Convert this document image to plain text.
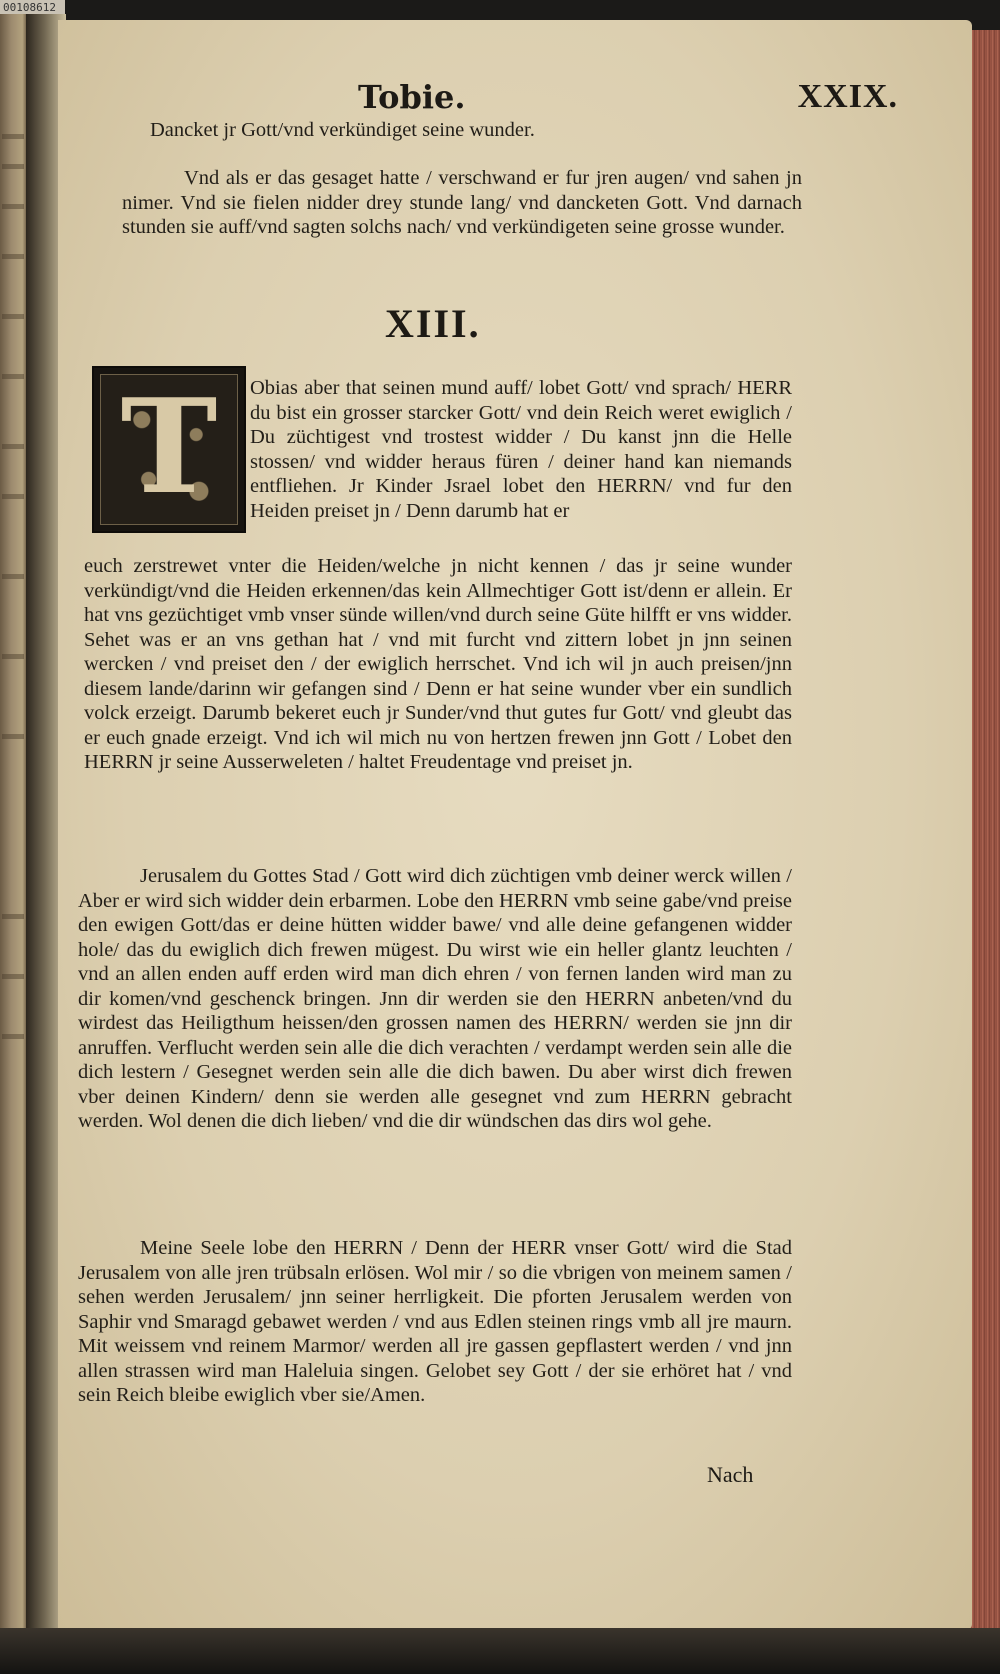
00108612
Tobie.	XXIX.
Dancket jr Gott/vnd verkündiget seine wunder.

Vnd als er das gesaget hatte / verschwand er fur jren augen/ vnd sahen jn nimer. Vnd sie fielen nidder drey stunde lang/ vnd dancketen Gott. Vnd darnach stunden sie auff/vnd sagten solchs nach/ vnd verkündigeten seine grosse wunder.

XIII.
T	Obias aber that seinen mund auff/ lobet Gott/ vnd sprach/ HERR du bist ein grosser starcker Gott/ vnd dein Reich weret ewiglich / Du züchtigest vnd trostest widder / Du kanst jnn die Helle stossen/ vnd widder heraus füren / deiner hand kan niemands entfliehen. Jr Kinder Jsrael lobet den HERRN/ vnd fur den Heiden preiset jn / Denn darumb hat er

euch zerstrewet vnter die Heiden/welche jn nicht kennen / das jr seine wunder verkündigt/vnd die Heiden erkennen/das kein Allmechtiger Gott ist/denn er allein. Er hat vns gezüchtiget vmb vnser sünde willen/vnd durch seine Güte hilfft er vns widder. Sehet was er an vns gethan hat / vnd mit furcht vnd zittern lobet jn jnn seinen wercken / vnd preiset den / der ewiglich herrschet. Vnd ich wil jn auch preisen/jnn diesem lande/darinn wir gefangen sind / Denn er hat seine wunder vber ein sundlich volck erzeigt. Darumb bekeret euch jr Sunder/vnd thut gutes fur Gott/ vnd gleubt das er euch gnade erzeigt. Vnd ich wil mich nu von hertzen frewen jnn Gott / Lobet den HERRN jr seine Ausserweleten / haltet Freudentage vnd preiset jn.

Jerusalem du Gottes Stad / Gott wird dich züchtigen vmb deiner werck willen / Aber er wird sich widder dein erbarmen. Lobe den HERRN vmb seine gabe/vnd preise den ewigen Gott/das er deine hütten widder bawe/ vnd alle deine gefangenen widder hole/ das du ewiglich dich frewen mügest. Du wirst wie ein heller glantz leuchten / vnd an allen enden auff erden wird man dich ehren / von fernen landen wird man zu dir komen/vnd geschenck bringen. Jnn dir werden sie den HERRN anbeten/vnd du wirdest das Heiligthum heissen/den grossen namen des HERRN/ werden sie jnn dir anruffen. Verflucht werden sein alle die dich verachten / verdampt werden sein alle die dich lestern / Gesegnet werden sein alle die dich bawen. Du aber wirst dich frewen vber deinen Kindern/ denn sie werden alle gesegnet vnd zum HERRN gebracht werden. Wol denen die dich lieben/ vnd die dir wündschen das dirs wol gehe.

Meine Seele lobe den HERRN / Denn der HERR vnser Gott/ wird die Stad Jerusalem von alle jren trübsaln erlösen. Wol mir / so die vbrigen von meinem samen / sehen werden Jerusalem/ jnn seiner herrligkeit. Die pforten Jerusalem werden von Saphir vnd Smaragd gebawet werden / vnd aus Edlen steinen rings vmb all jre maurn. Mit weissem vnd reinem Marmor/ werden all jre gassen gepflastert werden / vnd jnn allen strassen wird man Haleluia singen. Gelobet sey Gott / der sie erhöret hat / vnd sein Reich bleibe ewiglich vber sie/Amen.

Nach
